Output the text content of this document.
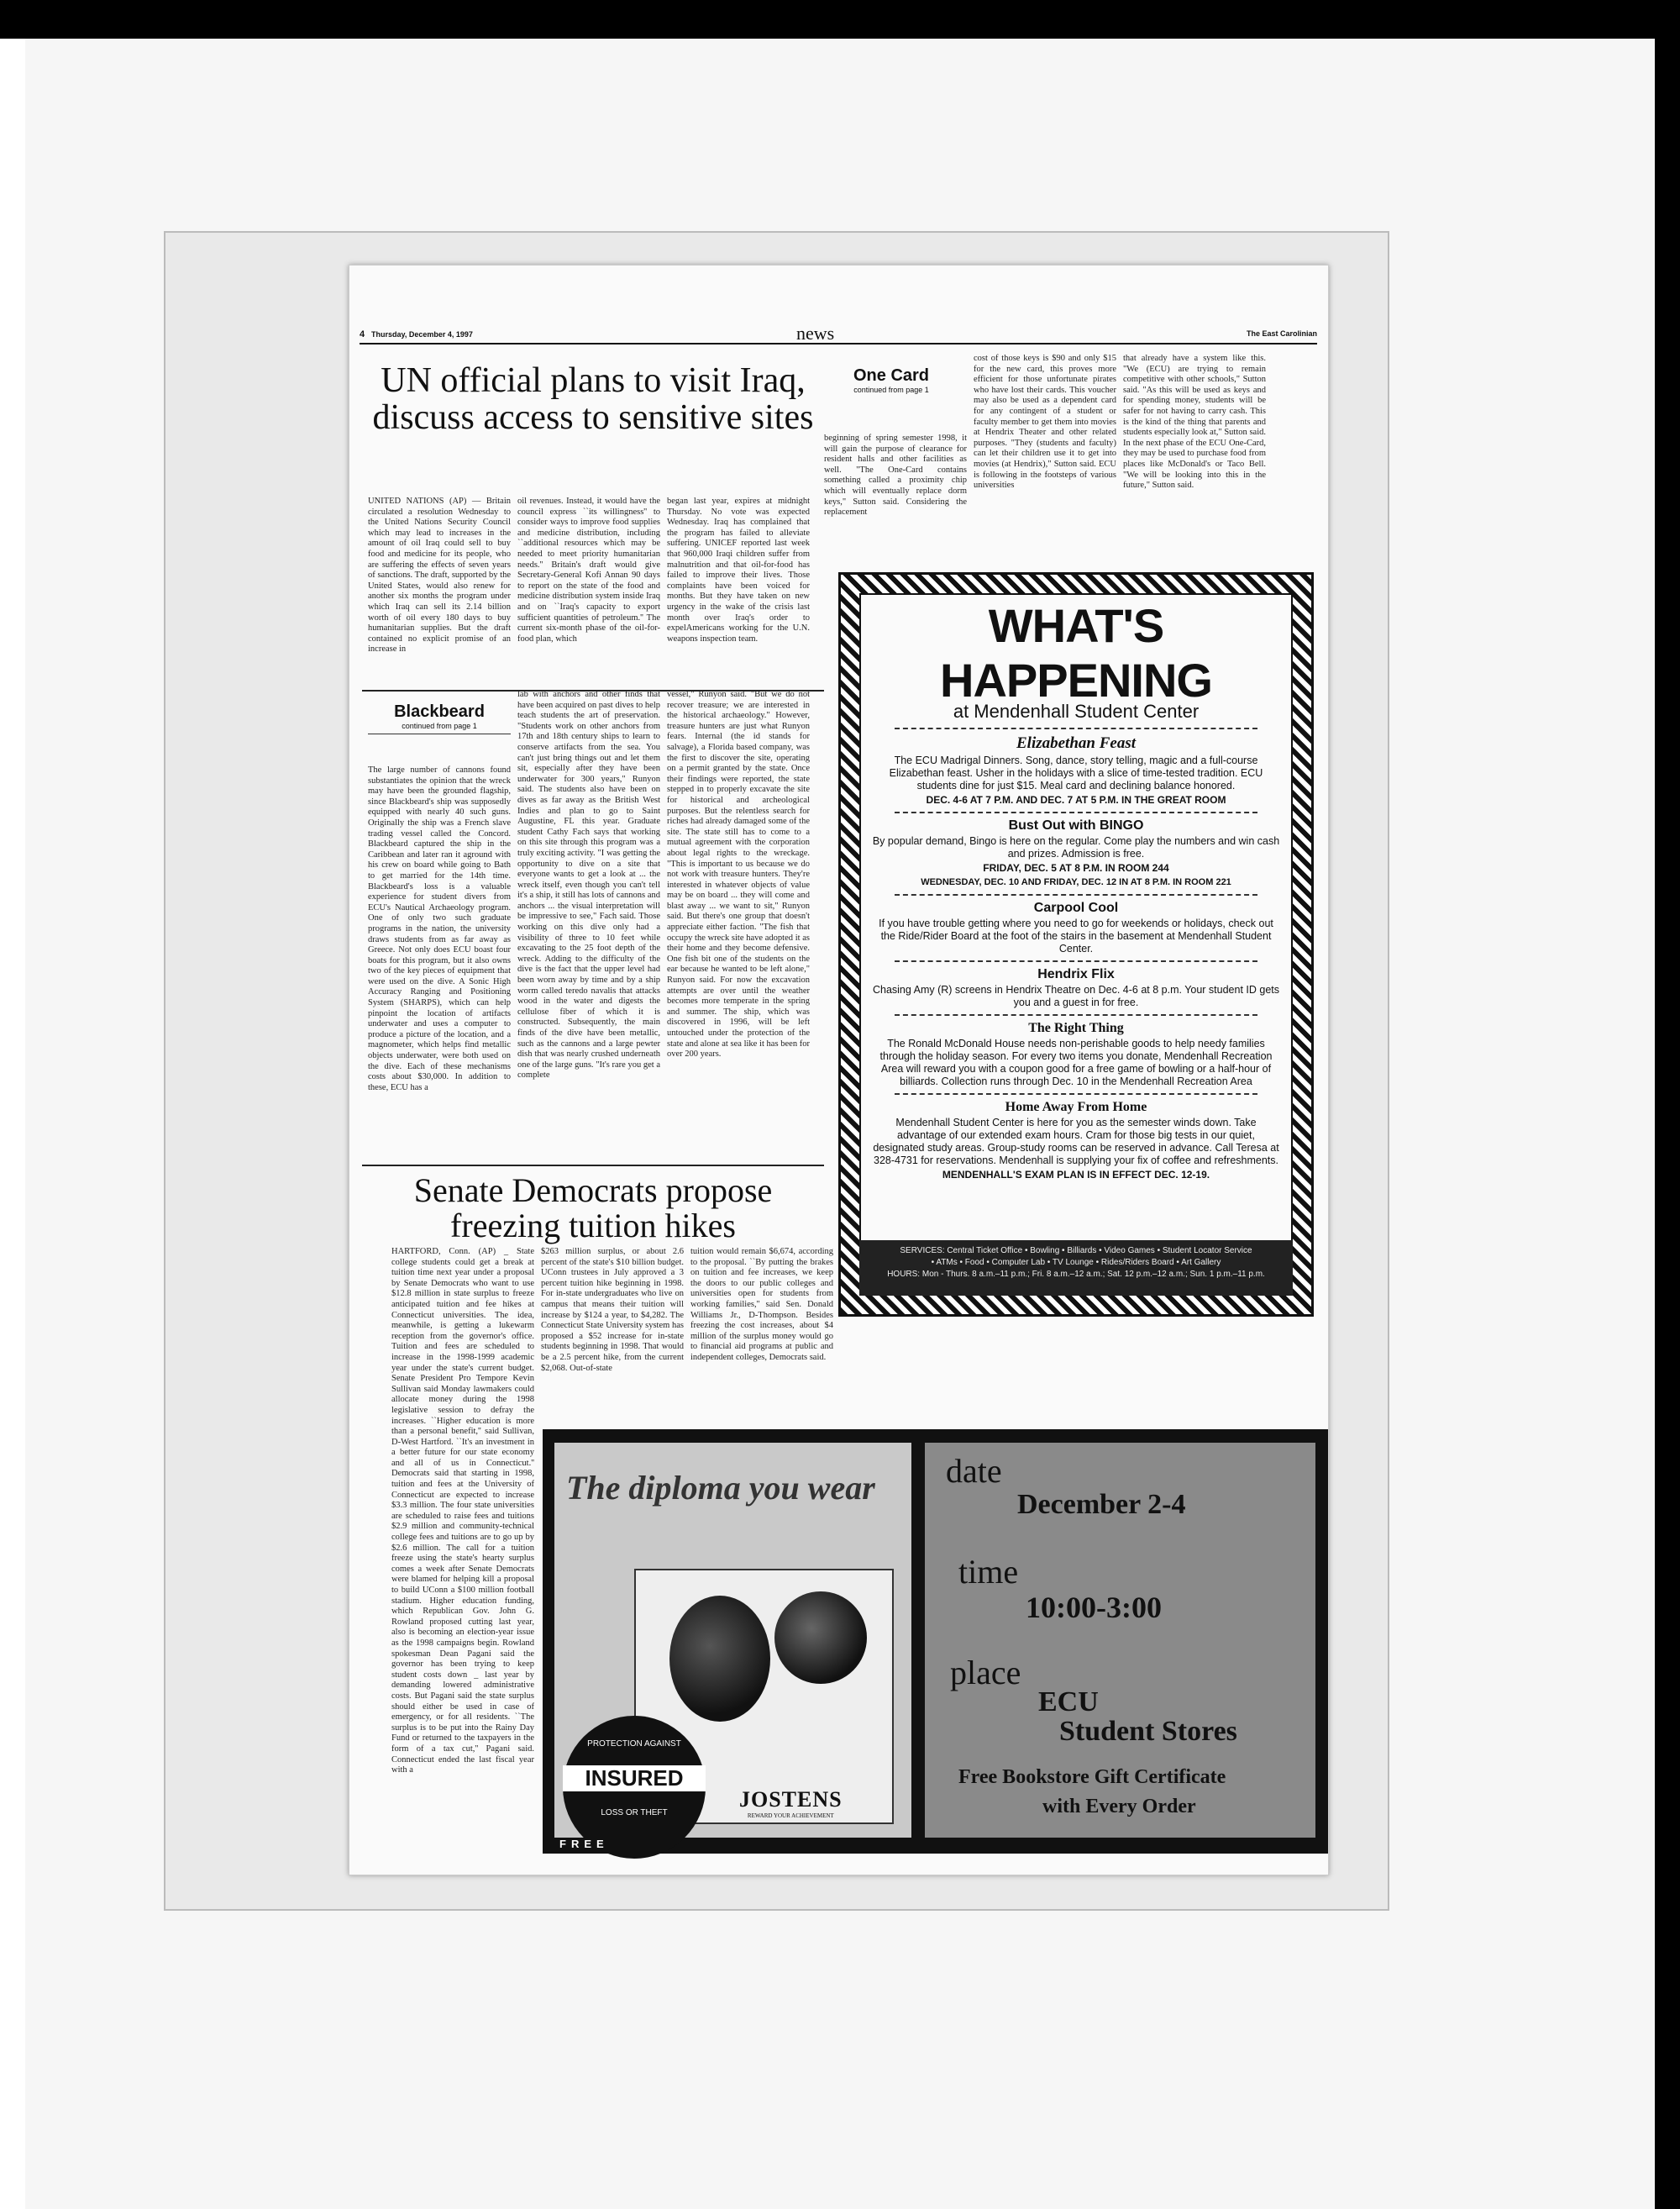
4 Thursday, December 4, 1997	news	The East Carolinian
UN official plans to visit Iraq, discuss access to sensitive sites
UNITED NATIONS (AP) — Britain circulated a resolution Wednesday to the United Nations Security Council which may lead to increases in the amount of oil Iraq could sell to buy food and medicine for its people, who are suffering the effects of seven years of sanctions. The draft, supported by the United States, would also renew for another six months the program under which Iraq can sell its 2.14 billion worth of oil every 180 days to buy humanitarian supplies. But the draft contained no explicit promise of an increase in
oil revenues. Instead, it would have the council express ``its willingness'' to consider ways to improve food supplies and medicine distribution, including ``additional resources which may be needed to meet priority humanitarian needs.'' Britain's draft would give Secretary-General Kofi Annan 90 days to report on the state of the food and medicine distribution system inside Iraq and on ``Iraq's capacity to export sufficient quantities of petroleum.'' The current six-month phase of the oil-for-food plan, which
began last year, expires at midnight Thursday. No vote was expected Wednesday. Iraq has complained that the program has failed to alleviate suffering. UNICEF reported last week that 960,000 Iraqi children suffer from malnutrition and that oil-for-food has failed to improve their lives. Those complaints have been voiced for months. But they have taken on new urgency in the wake of the crisis last month over Iraq's order to expelAmericans working for the U.N. weapons inspection team.
One Card
continued from page 1
beginning of spring semester 1998, it will gain the purpose of clearance for resident halls and other facilities as well. "The One-Card contains something called a proximity chip which will eventually replace dorm keys," Sutton said. Considering the replacement
cost of those keys is $90 and only $15 for the new card, this proves more efficient for those unfortunate pirates who have lost their cards. This voucher may also be used as a dependent card for any contingent of a student or faculty member to get them into movies at Hendrix Theater and other related purposes. "They (students and faculty) can let their children use it to get into movies (at Hendrix)," Sutton said. ECU is following in the footsteps of various universities
that already have a system like this. "We (ECU) are trying to remain competitive with other schools," Sutton said. "As this will be used as keys and for spending money, students will be safer for not having to carry cash. This is the kind of the thing that parents and students especially look at," Sutton said. In the next phase of the ECU One-Card, they may be used to purchase food from places like McDonald's or Taco Bell. "We will be looking into this in the future," Sutton said.
Blackbeard
continued from page 1
The large number of cannons found substantiates the opinion that the wreck may have been the grounded flagship, since Blackbeard's ship was supposedly equipped with nearly 40 such guns. Originally the ship was a French slave trading vessel called the Concord. Blackbeard captured the ship in the Caribbean and later ran it aground with his crew on board while going to Bath to get married for the 14th time. Blackbeard's loss is a valuable experience for student divers from ECU's Nautical Archaeology program. One of only two such graduate programs in the nation, the university draws students from as far away as Greece. Not only does ECU boast four boats for this program, but it also owns two of the key pieces of equipment that were used on the dive. A Sonic High Accuracy Ranging and Positioning System (SHARPS), which can help pinpoint the location of artifacts underwater and uses a computer to produce a picture of the location, and a magnometer, which helps find metallic objects underwater, were both used on the dive. Each of these mechanisms costs about $30,000. In addition to these, ECU has a
lab with anchors and other finds that have been acquired on past dives to help teach students the art of preservation. "Students work on other anchors from 17th and 18th century ships to learn to conserve artifacts from the sea. You can't just bring things out and let them sit, especially after they have been underwater for 300 years," Runyon said. The students also have been on dives as far away as the British West Indies and plan to go to Saint Augustine, FL this year. Graduate student Cathy Fach says that working on this site through this program was a truly exciting activity. "I was getting the opportunity to dive on a site that everyone wants to get a look at ... the wreck itself, even though you can't tell it's a ship, it still has lots of cannons and anchors ... the visual interpretation will be impressive to see," Fach said. Those working on this dive only had a visibility of three to 10 feet while excavating to the 25 foot depth of the wreck. Adding to the difficulty of the dive is the fact that the upper level had been worn away by time and by a ship worm called teredo navalis that attacks wood in the water and digests the cellulose fiber of which it is constructed. Subsequently, the main finds of the dive have been metallic, such as the cannons and a large pewter dish that was nearly crushed underneath one of the large guns. "It's rare you get a complete
vessel," Runyon said. "But we do not recover treasure; we are interested in the historical archaeology." However, treasure hunters are just what Runyon fears. Internal (the id stands for salvage), a Florida based company, was the first to discover the site, operating on a permit granted by the state. Once their findings were reported, the state stepped in to properly excavate the site for historical and archeological purposes. But the relentless search for riches had already damaged some of the site. The state still has to come to a mutual agreement with the corporation about legal rights to the wreckage. "This is important to us because we do not work with treasure hunters. They're interested in whatever objects of value may be on board ... they will come and blast away ... we want to sit," Runyon said. But there's one group that doesn't appreciate either faction. "The fish that occupy the wreck site have adopted it as their home and they become defensive. One fish bit one of the students on the ear because he wanted to be left alone," Runyon said. For now the excavation attempts are over until the weather becomes more temperate in the spring and summer. The ship, which was discovered in 1996, will be left untouched under the protection of the state and alone at sea like it has been for over 200 years.
Senate Democrats propose freezing tuition hikes
HARTFORD, Conn. (AP) _ State college students could get a break at tuition time next year under a proposal by Senate Democrats who want to use $12.8 million in state surplus to freeze anticipated tuition and fee hikes at Connecticut universities. The idea, meanwhile, is getting a lukewarm reception from the governor's office. Tuition and fees are scheduled to increase in the 1998-1999 academic year under the state's current budget. Senate President Pro Tempore Kevin Sullivan said Monday lawmakers could allocate money during the 1998 legislative session to defray the increases. ``Higher education is more than a personal benefit,'' said Sullivan, D-West Hartford. ``It's an investment in a better future for our state economy and all of us in Connecticut.'' Democrats said that starting in 1998, tuition and fees at the University of Connecticut are expected to increase $3.3 million. The four state universities are scheduled to raise fees and tuitions $2.9 million and community-technical college fees and tuitions are to go up by $2.6 million. The call for a tuition freeze using the state's hearty surplus comes a week after Senate Democrats were blamed for helping kill a proposal to build UConn a $100 million football stadium. Higher education funding, which Republican Gov. John G. Rowland proposed cutting last year, also is becoming an election-year issue as the 1998 campaigns begin. Rowland spokesman Dean Pagani said the governor has been trying to keep student costs down _ last year by demanding lowered administrative costs. But Pagani said the state surplus should either be used in case of emergency, or for all residents. ``The surplus is to be put into the Rainy Day Fund or returned to the taxpayers in the form of a tax cut,'' Pagani said. Connecticut ended the last fiscal year with a
$263 million surplus, or about 2.6 percent of the state's $10 billion budget. UConn trustees in July approved a 3 percent tuition hike beginning in 1998. For in-state undergraduates who live on campus that means their tuition will increase by $124 a year, to $4,282. The Connecticut State University system has proposed a $52 increase for in-state students beginning in 1998. That would be a 2.5 percent hike, from the current $2,068. Out-of-state
tuition would remain $6,674, according to the proposal. ``By putting the brakes on tuition and fee increases, we keep the doors to our public colleges and universities open for students from working families,'' said Sen. Donald Williams Jr., D-Thompson. Besides freezing the cost increases, about $4 million of the surplus money would go to financial aid programs at public and independent colleges, Democrats said.
WHAT'S HAPPENING
at Mendenhall Student Center
Elizabethan Feast
The ECU Madrigal Dinners. Song, dance, story telling, magic and a full-course Elizabethan feast. Usher in the holidays with a slice of time-tested tradition. ECU students dine for just $15. Meal card and declining balance honored.
DEC. 4-6 AT 7 P.M. AND DEC. 7 AT 5 P.M. IN THE GREAT ROOM
Bust Out with BINGO
By popular demand, Bingo is here on the regular. Come play the numbers and win cash and prizes. Admission is free.
FRIDAY, DEC. 5 AT 8 P.M. IN ROOM 244
WEDNESDAY, DEC. 10 AND FRIDAY, DEC. 12 IN AT 8 P.M. IN ROOM 221
Carpool Cool
If you have trouble getting where you need to go for weekends or holidays, check out the Ride/Rider Board at the foot of the stairs in the basement at Mendenhall Student Center.
Hendrix Flix
Chasing Amy (R) screens in Hendrix Theatre on Dec. 4-6 at 8 p.m. Your student ID gets you and a guest in for free.
The Right Thing
The Ronald McDonald House needs non-perishable goods to help needy families through the holiday season. For every two items you donate, Mendenhall Recreation Area will reward you with a coupon good for a free game of bowling or a half-hour of billiards. Collection runs through Dec. 10 in the Mendenhall Recreation Area
Home Away From Home
Mendenhall Student Center is here for you as the semester winds down. Take advantage of our extended exam hours. Cram for those big tests in our quiet, designated study areas. Group-study rooms can be reserved in advance. Call Teresa at 328-4731 for reservations. Mendenhall is supplying your fix of coffee and refreshments.
MENDENHALL'S EXAM PLAN IS IN EFFECT DEC. 12-19.
SERVICES: Central Ticket Office • Bowling • Billiards • Video Games • Student Locator Service
• ATMs • Food • Computer Lab • TV Lounge • Rides/Riders Board • Art Gallery
HOURS: Mon - Thurs. 8 a.m.–11 p.m.; Fri. 8 a.m.–12 a.m.; Sat. 12 p.m.–12 a.m.; Sun. 1 p.m.–11 p.m.
The diploma you wear
PROTECTION AGAINST
INSURED
LOSS OR THEFT
JOSTENS
REWARD YOUR ACHIEVEMENT
FREE
date
December 2-4
time
10:00-3:00
place
ECU
Student Stores
Free Bookstore Gift Certificate
with Every Order
